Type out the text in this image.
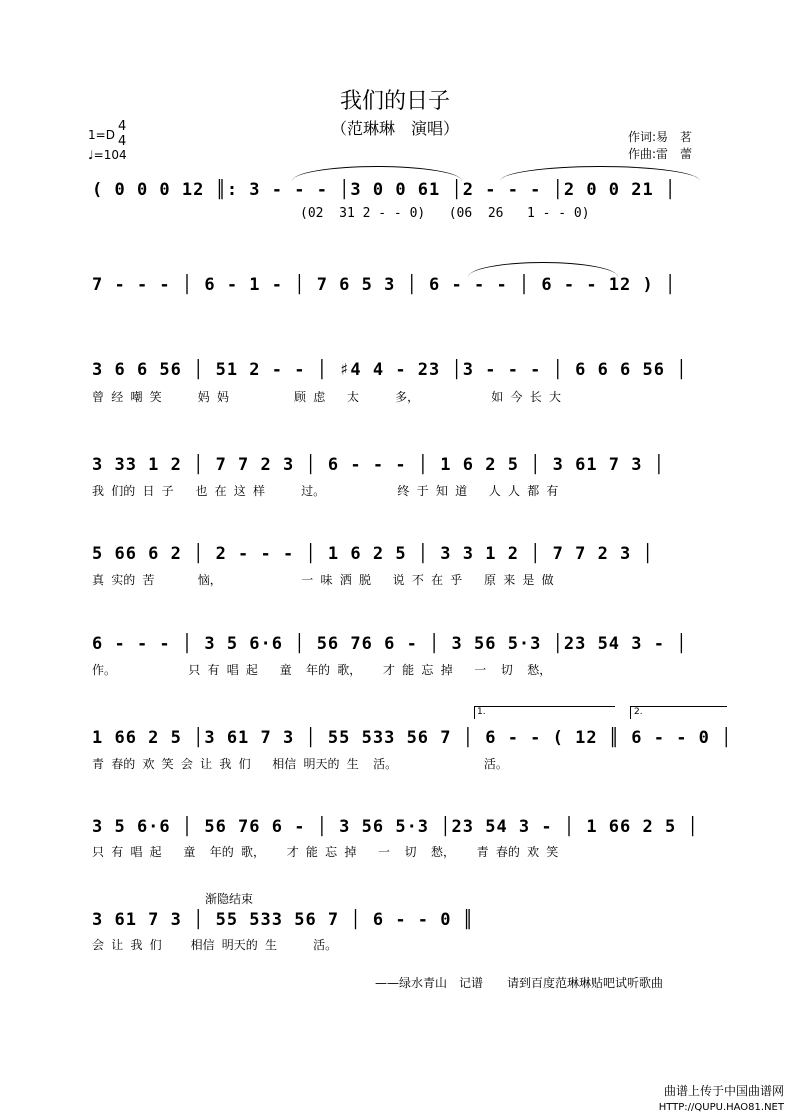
我们的日子
（范琳琳　演唱）
1=D
4
4
♩=104
作词:易　茗
作曲:雷　蕾
( 0 0 0 12 ║: 3 - - - │3 0 0 61 │2 - - - │2 0 0 21 │
(02  31 2 - - 0)   (06  26   1 - - 0)
7 - - - │ 6 - 1 - │ 7 6 5 3 │ 6 - - - │ 6 - - 12 ) │
3 6 6 56 │ 51 2 - - │ ♯4 4 - 23 │3 - - - │ 6 6 6 56 │
曾 经 嘲 笑     妈 妈         顾 虑   太     多，          如 今 长 大
3 33 1 2 │ 7 7 2 3 │ 6 - - - │ 1 6 2 5 │ 3 61 7 3 │
我 们的 日 子   也 在 这 样     过。          终 于 知 道   人 人 都 有
5 66 6 2 │ 2 - - - │ 1 6 2 5 │ 3 3 1 2 │ 7 7 2 3 │
真 实的 苦      恼，           一 味 洒 脱   说 不 在 乎   原 来 是 做
6 - - - │ 3 5 6·6 │ 56 76 6 - │ 3 56 5·3 │23 54 3 - │
作。          只 有 唱 起   童  年的 歌，   才 能 忘 掉   一  切  愁，
1.	2.
1 66 2 5 │3 61 7 3 │ 55 533 56 7 │ 6 - - ( 12 ║ 6 - - 0 │
青 春的 欢 笑 会 让 我 们   相信 明天的 生  活。            活。
3 5 6·6 │ 56 76 6 - │ 3 56 5·3 │23 54 3 - │ 1 66 2 5 │
只 有 唱 起   童  年的 歌，   才 能 忘 掉   一  切  愁，   青 春的 欢 笑
渐隐结束
3 61 7 3 │ 55 533 56 7 │ 6 - - 0 ║
会 让 我 们    相信 明天的 生     活。
——绿水青山　记谱　　请到百度范琳琳贴吧试听歌曲
曲谱上传于中国曲谱网
HTTP://QUPU.HAO81.NET
